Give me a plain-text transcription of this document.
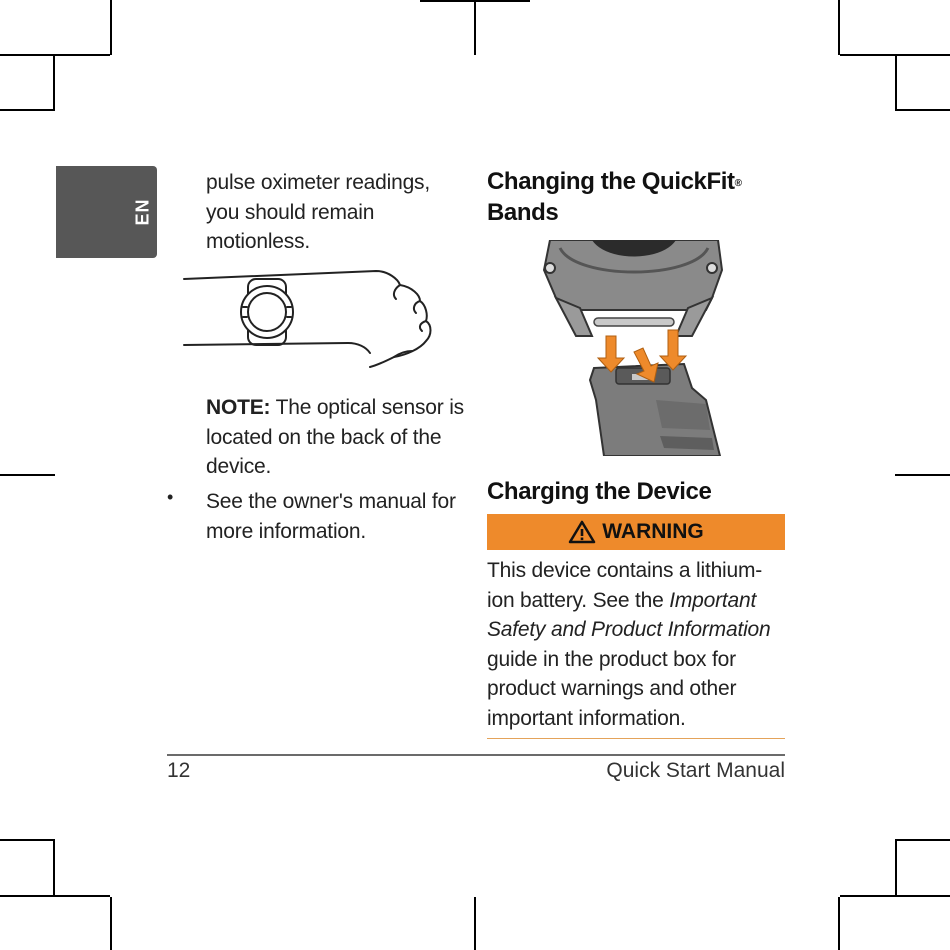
EN
pulse oximeter readings, you should remain motionless.
NOTE: The optical sensor is located on the back of the device.
• See the owner's manual for more information.
Changing the QuickFit®
Bands
Charging the Device
WARNING
This device contains a lithium-ion battery. See the Important Safety and Product Information guide in the product box for product warnings and other important information.
12	Quick Start Manual
